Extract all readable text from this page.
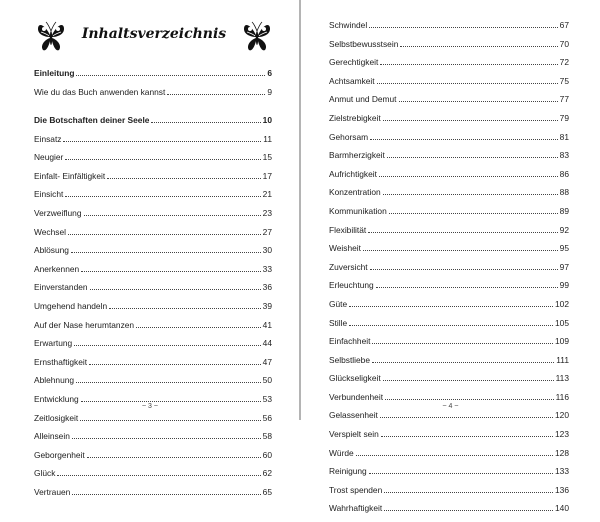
Inhaltsverzeichnis
Einleitung	6
Wie du das Buch anwenden kannst	9
Die Botschaften deiner Seele	10
Einsatz	11
Neugier	15
Einfalt- Einfältigkeit	17
Einsicht	21
Verzweiflung	23
Wechsel	27
Ablösung	30
Anerkennen	33
Einverstanden	36
Umgehend handeln	39
Auf der Nase herumtanzen	41
Erwartung	44
Ernsthaftigkeit	47
Ablehnung	50
Entwicklung	53
Zeitlosigkeit	56
Alleinsein	58
Geborgenheit	60
Glück	62
Vertrauen	65
~ 3 ~
Schwindel	67
Selbstbewusstsein	70
Gerechtigkeit	72
Achtsamkeit	75
Anmut und Demut	77
Zielstrebigkeit	79
Gehorsam	81
Barmherzigkeit	83
Aufrichtigkeit	86
Konzentration	88
Kommunikation	89
Flexibilität	92
Weisheit	95
Zuversicht	97
Erleuchtung	99
Güte	102
Stille	105
Einfachheit	109
Selbstliebe	111
Glückseligkeit	113
Verbundenheit	116
Gelassenheit	120
Verspielt sein	123
Würde	128
Reinigung	133
Trost spenden	136
Wahrhaftigkeit	140
~ 4 ~
